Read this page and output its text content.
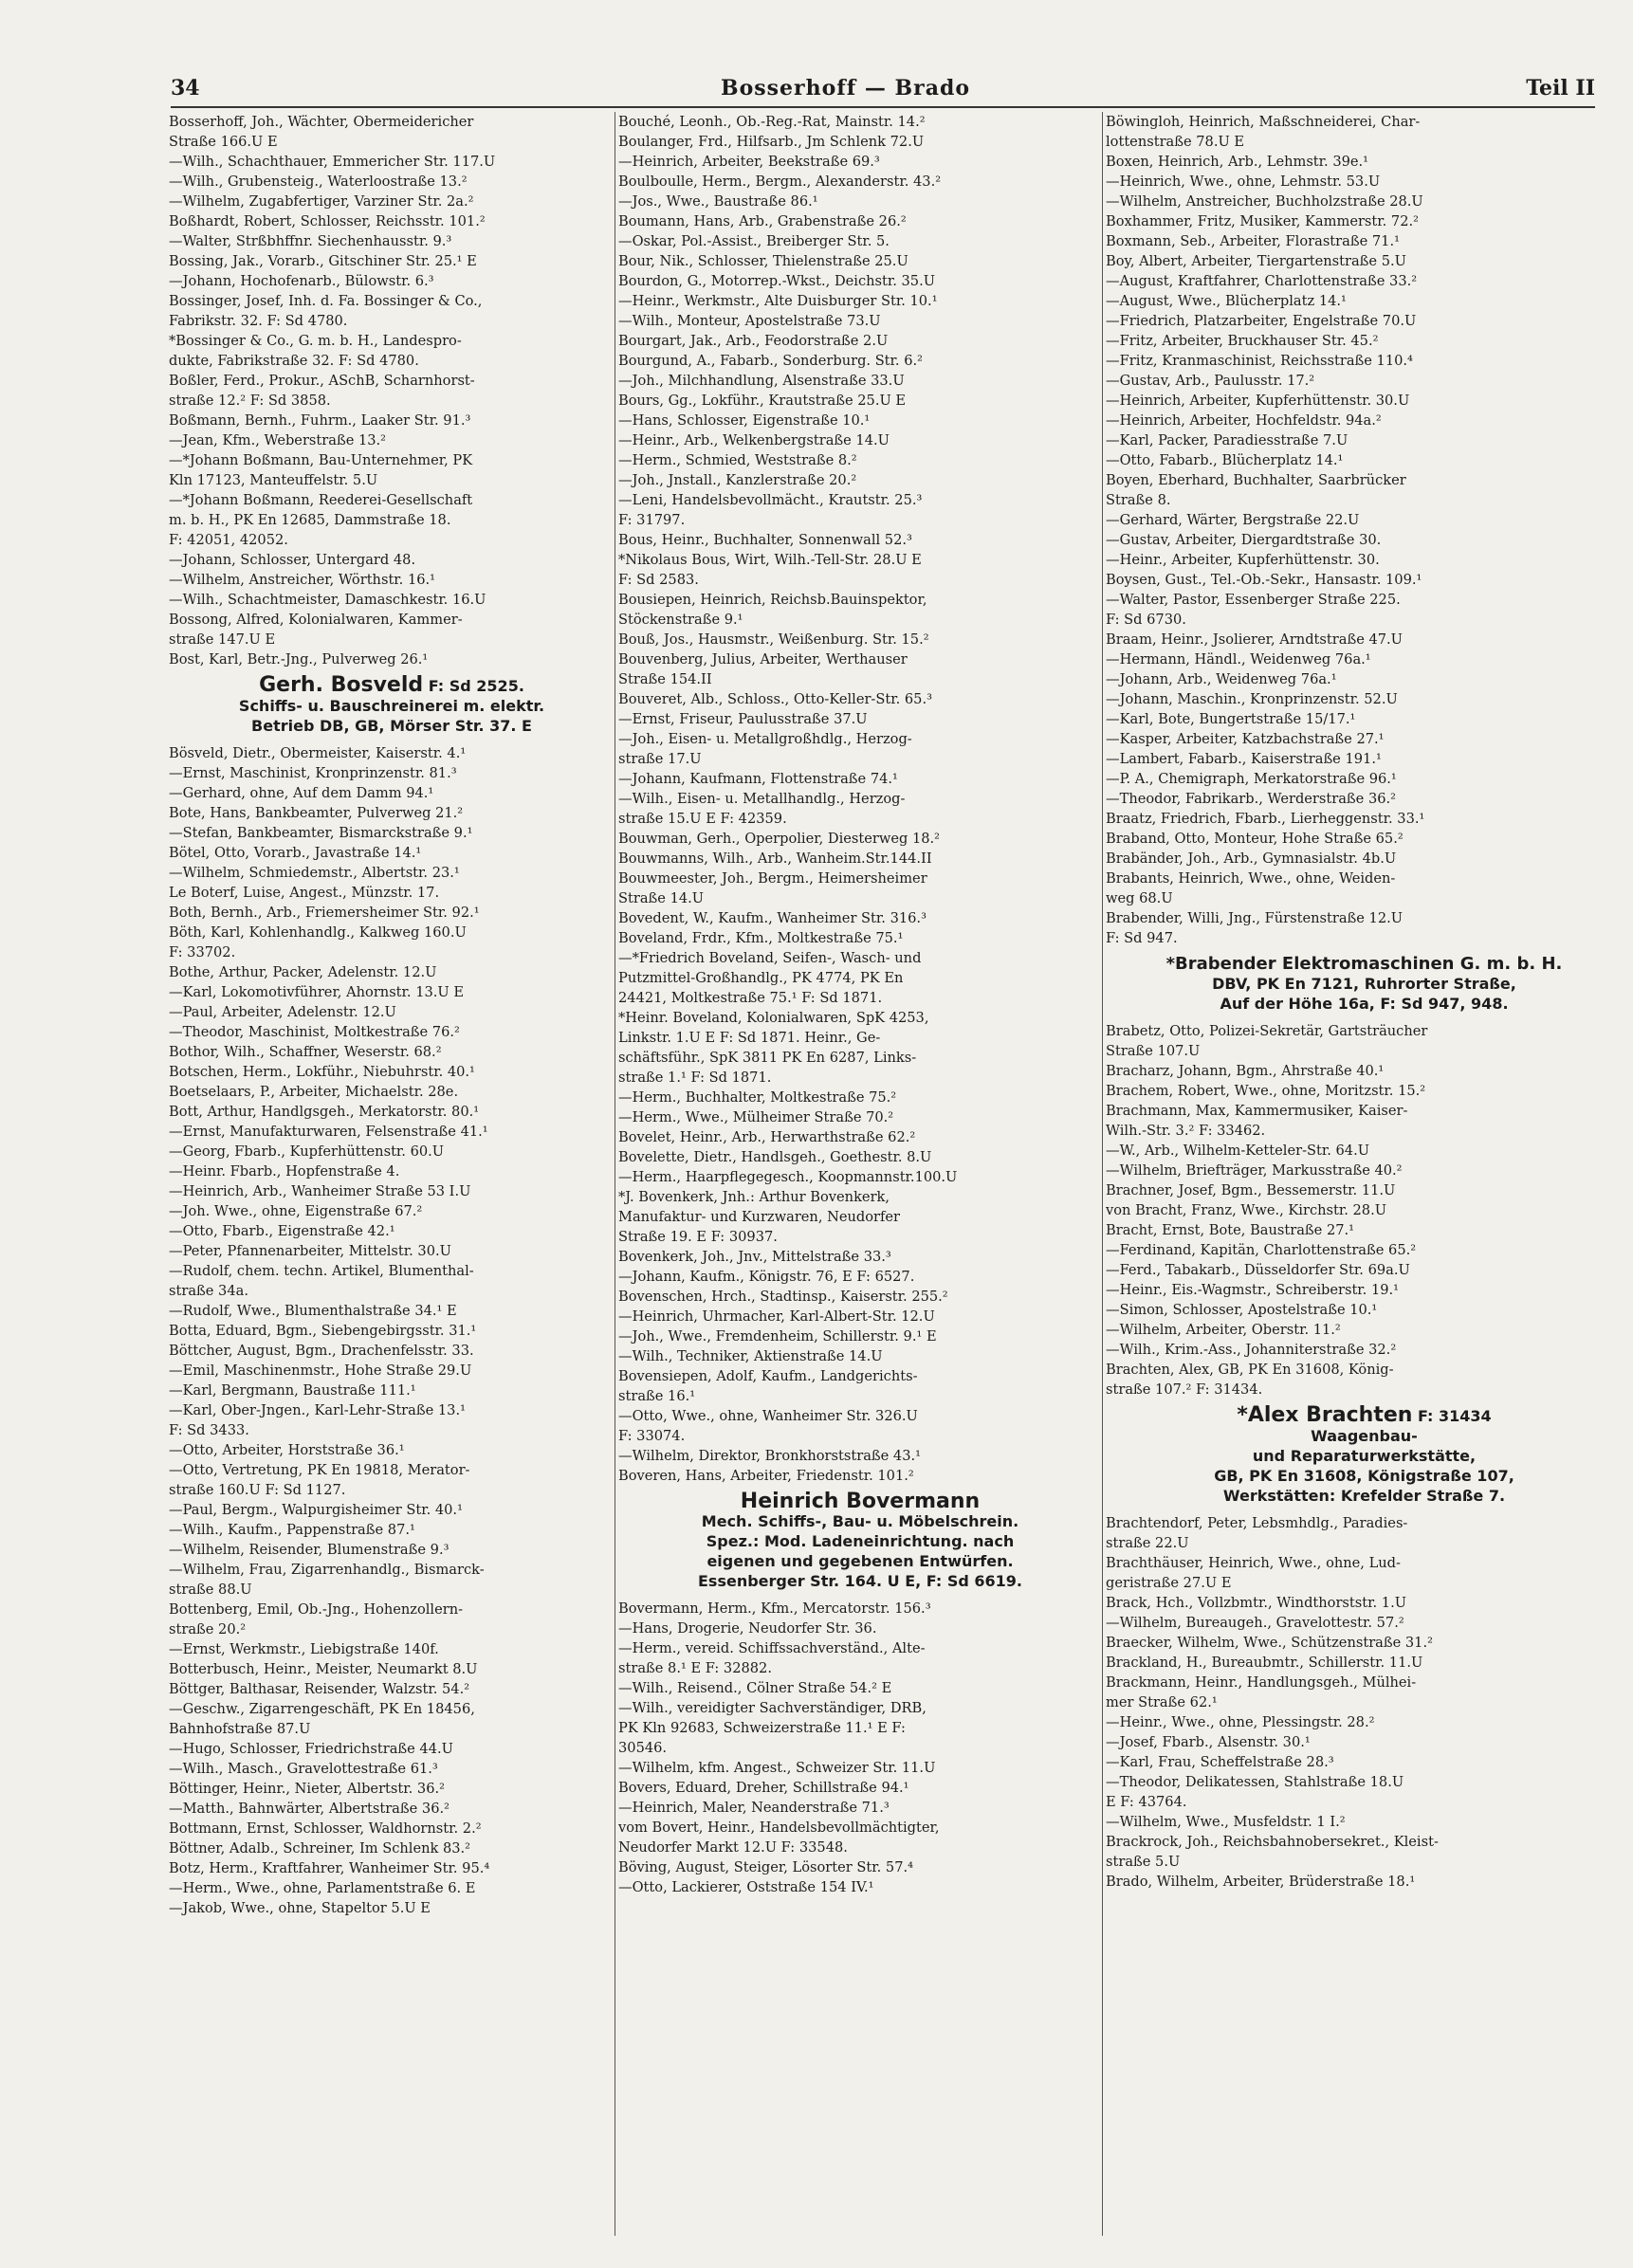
34	Bosserhoff — Brado	Teil II
Bosserhoff, Joh., Wächter, Obermeidericher
Straße 166.U E
—Wilh., Schachthauer, Emmericher Str. 117.U
—Wilh., Grubensteig., Waterloostraße 13.²
—Wilhelm, Zugabfertiger, Varziner Str. 2a.²
Boßhardt, Robert, Schlosser, Reichsstr. 101.²
—Walter, Strßbhffnr. Siechenhausstr. 9.³
Bossing, Jak., Vorarb., Gitschiner Str. 25.¹ E
—Johann, Hochofenarb., Bülowstr. 6.³
Bossinger, Josef, Inh. d. Fa. Bossinger & Co.,
Fabrikstr. 32. F: Sd 4780.
*Bossinger & Co., G. m. b. H., Landespro-
dukte, Fabrikstraße 32. F: Sd 4780.
Boßler, Ferd., Prokur., ASchB, Scharnhorst-
straße 12.² F: Sd 3858.
Boßmann, Bernh., Fuhrm., Laaker Str. 91.³
—Jean, Kfm., Weberstraße 13.²
—*Johann Boßmann, Bau-Unternehmer, PK
Kln 17123, Manteuffelstr. 5.U
—*Johann Boßmann, Reederei-Gesellschaft
m. b. H., PK En 12685, Dammstraße 18.
F: 42051, 42052.
—Johann, Schlosser, Untergard 48.
—Wilhelm, Anstreicher, Wörthstr. 16.¹
—Wilh., Schachtmeister, Damaschkestr. 16.U
Bossong, Alfred, Kolonialwaren, Kammer-
straße 147.U E
Bost, Karl, Betr.-Jng., Pulverweg 26.¹
Gerh. Bosveld F: Sd 2525.
Schiffs- u. Bauschreinerei m. elektr.
Betrieb DB, GB, Mörser Str. 37. E
Bösveld, Dietr., Obermeister, Kaiserstr. 4.¹
—Ernst, Maschinist, Kronprinzenstr. 81.³
—Gerhard, ohne, Auf dem Damm 94.¹
Bote, Hans, Bankbeamter, Pulverweg 21.²
—Stefan, Bankbeamter, Bismarckstraße 9.¹
Bötel, Otto, Vorarb., Javastraße 14.¹
—Wilhelm, Schmiedemstr., Albertstr. 23.¹
Le Boterf, Luise, Angest., Münzstr. 17.
Both, Bernh., Arb., Friemersheimer Str. 92.¹
Böth, Karl, Kohlenhandlg., Kalkweg 160.U
F: 33702.
Bothe, Arthur, Packer, Adelenstr. 12.U
—Karl, Lokomotivführer, Ahornstr. 13.U E
—Paul, Arbeiter, Adelenstr. 12.U
—Theodor, Maschinist, Moltkestraße 76.²
Bothor, Wilh., Schaffner, Weserstr. 68.²
Botschen, Herm., Lokführ., Niebuhrstr. 40.¹
Boetselaars, P., Arbeiter, Michaelstr. 28e.
Bott, Arthur, Handlgsgeh., Merkatorstr. 80.¹
—Ernst, Manufakturwaren, Felsenstraße 41.¹
—Georg, Fbarb., Kupferhüttenstr. 60.U
—Heinr. Fbarb., Hopfenstraße 4.
—Heinrich, Arb., Wanheimer Straße 53 I.U
—Joh. Wwe., ohne, Eigenstraße 67.²
—Otto, Fbarb., Eigenstraße 42.¹
—Peter, Pfannenarbeiter, Mittelstr. 30.U
—Rudolf, chem. techn. Artikel, Blumenthal-
straße 34a.
—Rudolf, Wwe., Blumenthalstraße 34.¹ E
Botta, Eduard, Bgm., Siebengebirgsstr. 31.¹
Böttcher, August, Bgm., Drachenfelsstr. 33.
—Emil, Maschinenmstr., Hohe Straße 29.U
—Karl, Bergmann, Baustraße 111.¹
—Karl, Ober-Jngen., Karl-Lehr-Straße 13.¹
F: Sd 3433.
—Otto, Arbeiter, Horststraße 36.¹
—Otto, Vertretung, PK En 19818, Merator-
straße 160.U F: Sd 1127.
—Paul, Bergm., Walpurgisheimer Str. 40.¹
—Wilh., Kaufm., Pappenstraße 87.¹
—Wilhelm, Reisender, Blumenstraße 9.³
—Wilhelm, Frau, Zigarrenhandlg., Bismarck-
straße 88.U
Bottenberg, Emil, Ob.-Jng., Hohenzollern-
straße 20.²
—Ernst, Werkmstr., Liebigstraße 140f.
Botterbusch, Heinr., Meister, Neumarkt 8.U
Böttger, Balthasar, Reisender, Walzstr. 54.²
—Geschw., Zigarrengeschäft, PK En 18456,
Bahnhofstraße 87.U
—Hugo, Schlosser, Friedrichstraße 44.U
—Wilh., Masch., Gravelottestraße 61.³
Böttinger, Heinr., Nieter, Albertstr. 36.²
—Matth., Bahnwärter, Albertstraße 36.²
Bottmann, Ernst, Schlosser, Waldhornstr. 2.²
Böttner, Adalb., Schreiner, Im Schlenk 83.²
Botz, Herm., Kraftfahrer, Wanheimer Str. 95.⁴
—Herm., Wwe., ohne, Parlamentstraße 6. E
—Jakob, Wwe., ohne, Stapeltor 5.U E
Bouché, Leonh., Ob.-Reg.-Rat, Mainstr. 14.²
Boulanger, Frd., Hilfsarb., Jm Schlenk 72.U
—Heinrich, Arbeiter, Beekstraße 69.³
Boulboulle, Herm., Bergm., Alexanderstr. 43.²
—Jos., Wwe., Baustraße 86.¹
Boumann, Hans, Arb., Grabenstraße 26.²
—Oskar, Pol.-Assist., Breiberger Str. 5.
Bour, Nik., Schlosser, Thielenstraße 25.U
Bourdon, G., Motorrep.-Wkst., Deichstr. 35.U
—Heinr., Werkmstr., Alte Duisburger Str. 10.¹
—Wilh., Monteur, Apostelstraße 73.U
Bourgart, Jak., Arb., Feodorstraße 2.U
Bourgund, A., Fabarb., Sonderburg. Str. 6.²
—Joh., Milchhandlung, Alsenstraße 33.U
Bours, Gg., Lokführ., Krautstraße 25.U E
—Hans, Schlosser, Eigenstraße 10.¹
—Heinr., Arb., Welkenbergstraße 14.U
—Herm., Schmied, Weststraße 8.²
—Joh., Jnstall., Kanzlerstraße 20.²
—Leni, Handelsbevollmächt., Krautstr. 25.³
F: 31797.
Bous, Heinr., Buchhalter, Sonnenwall 52.³
*Nikolaus Bous, Wirt, Wilh.-Tell-Str. 28.U E
F: Sd 2583.
Bousiepen, Heinrich, Reichsb.Bauinspektor,
Stöckenstraße 9.¹
Bouß, Jos., Hausmstr., Weißenburg. Str. 15.²
Bouvenberg, Julius, Arbeiter, Werthauser
Straße 154.II
Bouveret, Alb., Schloss., Otto-Keller-Str. 65.³
—Ernst, Friseur, Paulusstraße 37.U
—Joh., Eisen- u. Metallgroßhdlg., Herzog-
straße 17.U
—Johann, Kaufmann, Flottenstraße 74.¹
—Wilh., Eisen- u. Metallhandlg., Herzog-
straße 15.U E F: 42359.
Bouwman, Gerh., Operpolier, Diesterweg 18.²
Bouwmanns, Wilh., Arb., Wanheim.Str.144.II
Bouwmeester, Joh., Bergm., Heimersheimer
Straße 14.U
Bovedent, W., Kaufm., Wanheimer Str. 316.³
Boveland, Frdr., Kfm., Moltkestraße 75.¹
—*Friedrich Boveland, Seifen-, Wasch- und
Putzmittel-Großhandlg., PK 4774, PK En
24421, Moltkestraße 75.¹ F: Sd 1871.
*Heinr. Boveland, Kolonialwaren, SpK 4253,
Linkstr. 1.U E F: Sd 1871. Heinr., Ge-
schäftsführ., SpK 3811 PK En 6287, Links-
straße 1.¹ F: Sd 1871.
—Herm., Buchhalter, Moltkestraße 75.²
—Herm., Wwe., Mülheimer Straße 70.²
Bovelet, Heinr., Arb., Herwarthstraße 62.²
Bovelette, Dietr., Handlsgeh., Goethestr. 8.U
—Herm., Haarpflegegesch., Koopmannstr.100.U
*J. Bovenkerk, Jnh.: Arthur Bovenkerk,
Manufaktur- und Kurzwaren, Neudorfer
Straße 19. E F: 30937.
Bovenkerk, Joh., Jnv., Mittelstraße 33.³
—Johann, Kaufm., Königstr. 76, E F: 6527.
Bovenschen, Hrch., Stadtinsp., Kaiserstr. 255.²
—Heinrich, Uhrmacher, Karl-Albert-Str. 12.U
—Joh., Wwe., Fremdenheim, Schillerstr. 9.¹ E
—Wilh., Techniker, Aktienstraße 14.U
Bovensiepen, Adolf, Kaufm., Landgerichts-
straße 16.¹
—Otto, Wwe., ohne, Wanheimer Str. 326.U
F: 33074.
—Wilhelm, Direktor, Bronkhorststraße 43.¹
Boveren, Hans, Arbeiter, Friedenstr. 101.²
Heinrich Bovermann
Mech. Schiffs-, Bau- u. Möbelschrein.
Spez.: Mod. Ladeneinrichtung. nach
eigenen und gegebenen Entwürfen.
Essenberger Str. 164. U E, F: Sd 6619.
Bovermann, Herm., Kfm., Mercatorstr. 156.³
—Hans, Drogerie, Neudorfer Str. 36.
—Herm., vereid. Schiffssachverständ., Alte-
straße 8.¹ E F: 32882.
—Wilh., Reisend., Cölner Straße 54.² E
—Wilh., vereidigter Sachverständiger, DRB,
PK Kln 92683, Schweizerstraße 11.¹ E F:
30546.
—Wilhelm, kfm. Angest., Schweizer Str. 11.U
Bovers, Eduard, Dreher, Schillstraße 94.¹
—Heinrich, Maler, Neanderstraße 71.³
vom Bovert, Heinr., Handelsbevollmächtigter,
Neudorfer Markt 12.U F: 33548.
Böving, August, Steiger, Lösorter Str. 57.⁴
—Otto, Lackierer, Oststraße 154 IV.¹
Böwingloh, Heinrich, Maßschneiderei, Char-
lottenstraße 78.U E
Boxen, Heinrich, Arb., Lehmstr. 39e.¹
—Heinrich, Wwe., ohne, Lehmstr. 53.U
—Wilhelm, Anstreicher, Buchholzstraße 28.U
Boxhammer, Fritz, Musiker, Kammerstr. 72.²
Boxmann, Seb., Arbeiter, Florastraße 71.¹
Boy, Albert, Arbeiter, Tiergartenstraße 5.U
—August, Kraftfahrer, Charlottenstraße 33.²
—August, Wwe., Blücherplatz 14.¹
—Friedrich, Platzarbeiter, Engelstraße 70.U
—Fritz, Arbeiter, Bruckhauser Str. 45.²
—Fritz, Kranmaschinist, Reichsstraße 110.⁴
—Gustav, Arb., Paulusstr. 17.²
—Heinrich, Arbeiter, Kupferhüttenstr. 30.U
—Heinrich, Arbeiter, Hochfeldstr. 94a.²
—Karl, Packer, Paradiesstraße 7.U
—Otto, Fabarb., Blücherplatz 14.¹
Boyen, Eberhard, Buchhalter, Saarbrücker
Straße 8.
—Gerhard, Wärter, Bergstraße 22.U
—Gustav, Arbeiter, Diergardtstraße 30.
—Heinr., Arbeiter, Kupferhüttenstr. 30.
Boysen, Gust., Tel.-Ob.-Sekr., Hansastr. 109.¹
—Walter, Pastor, Essenberger Straße 225.
F: Sd 6730.
Braam, Heinr., Jsolierer, Arndtstraße 47.U
—Hermann, Händl., Weidenweg 76a.¹
—Johann, Arb., Weidenweg 76a.¹
—Johann, Maschin., Kronprinzenstr. 52.U
—Karl, Bote, Bungertstraße 15/17.¹
—Kasper, Arbeiter, Katzbachstraße 27.¹
—Lambert, Fabarb., Kaiserstraße 191.¹
—P. A., Chemigraph, Merkatorstraße 96.¹
—Theodor, Fabrikarb., Werderstraße 36.²
Braatz, Friedrich, Fbarb., Lierheggenstr. 33.¹
Braband, Otto, Monteur, Hohe Straße 65.²
Brabänder, Joh., Arb., Gymnasialstr. 4b.U
Brabants, Heinrich, Wwe., ohne, Weiden-
weg 68.U
Brabender, Willi, Jng., Fürstenstraße 12.U
F: Sd 947.
*Brabender Elektromaschinen G. m. b. H.
DBV, PK En 7121, Ruhrorter Straße,
Auf der Höhe 16a, F: Sd 947, 948.
Brabetz, Otto, Polizei-Sekretär, Gartsträucher
Straße 107.U
Bracharz, Johann, Bgm., Ahrstraße 40.¹
Brachem, Robert, Wwe., ohne, Moritzstr. 15.²
Brachmann, Max, Kammermusiker, Kaiser-
Wilh.-Str. 3.² F: 33462.
—W., Arb., Wilhelm-Ketteler-Str. 64.U
—Wilhelm, Briefträger, Markusstraße 40.²
Brachner, Josef, Bgm., Bessemerstr. 11.U
von Bracht, Franz, Wwe., Kirchstr. 28.U
Bracht, Ernst, Bote, Baustraße 27.¹
—Ferdinand, Kapitän, Charlottenstraße 65.²
—Ferd., Tabakarb., Düsseldorfer Str. 69a.U
—Heinr., Eis.-Wagmstr., Schreiberstr. 19.¹
—Simon, Schlosser, Apostelstraße 10.¹
—Wilhelm, Arbeiter, Oberstr. 11.²
—Wilh., Krim.-Ass., Johanniterstraße 32.²
Brachten, Alex, GB, PK En 31608, König-
straße 107.² F: 31434.
*Alex Brachten F: 31434
Waagenbau-
und Reparaturwerkstätte,
GB, PK En 31608, Königstraße 107,
Werkstätten: Krefelder Straße 7.
Brachtendorf, Peter, Lebsmhdlg., Paradies-
straße 22.U
Brachthäuser, Heinrich, Wwe., ohne, Lud-
geristraße 27.U E
Brack, Hch., Vollzbmtr., Windthorststr. 1.U
—Wilhelm, Bureaugeh., Gravelottestr. 57.²
Braecker, Wilhelm, Wwe., Schützenstraße 31.²
Brackland, H., Bureaubmtr., Schillerstr. 11.U
Brackmann, Heinr., Handlungsgeh., Mülhei-
mer Straße 62.¹
—Heinr., Wwe., ohne, Plessingstr. 28.²
—Josef, Fbarb., Alsenstr. 30.¹
—Karl, Frau, Scheffelstraße 28.³
—Theodor, Delikatessen, Stahlstraße 18.U
E F: 43764.
—Wilhelm, Wwe., Musfeldstr. 1 I.²
Brackrock, Joh., Reichsbahnobersekret., Kleist-
straße 5.U
Brado, Wilhelm, Arbeiter, Brüderstraße 18.¹
